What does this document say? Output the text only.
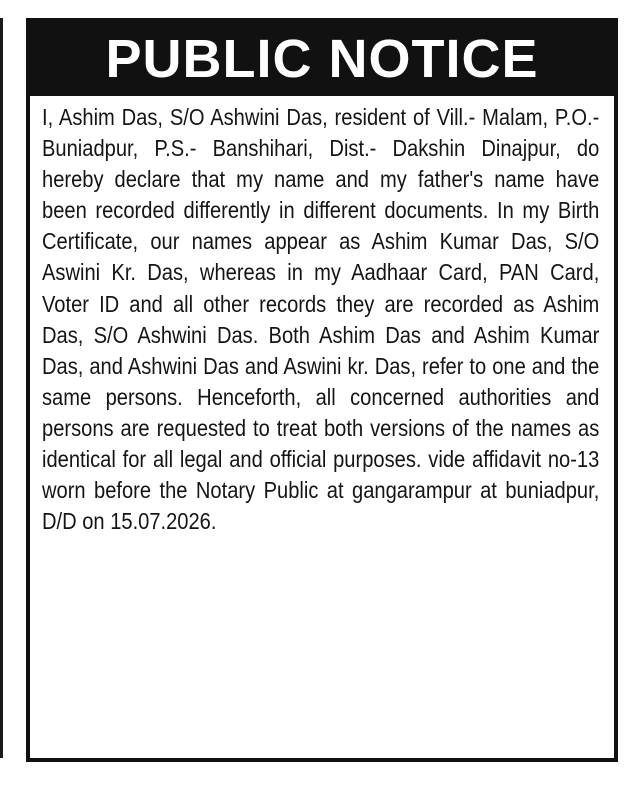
PUBLIC NOTICE

I, Ashim Das, S/O Ashwini Das, resident of Vill.- Malam, P.O.- Buniadpur, P.S.- Banshihari, Dist.- Dakshin Dinajpur, do hereby declare that my name and my father's name have been recorded differently in different documents. In my Birth Certificate, our names appear as Ashim Kumar Das, S/O Aswini Kr. Das, whereas in my Aadhaar Card, PAN Card, Voter ID and all other records they are recorded as Ashim Das, S/O Ashwini Das. Both Ashim Das and Ashim Kumar Das, and Ashwini Das and Aswini kr. Das, refer to one and the same persons. Henceforth, all concerned authorities and persons are requested to treat both versions of the names as identical for all legal and official purposes. vide affidavit no-13 worn before the Notary Public at gangarampur at buniadpur, D/D on 15.07.2026.
